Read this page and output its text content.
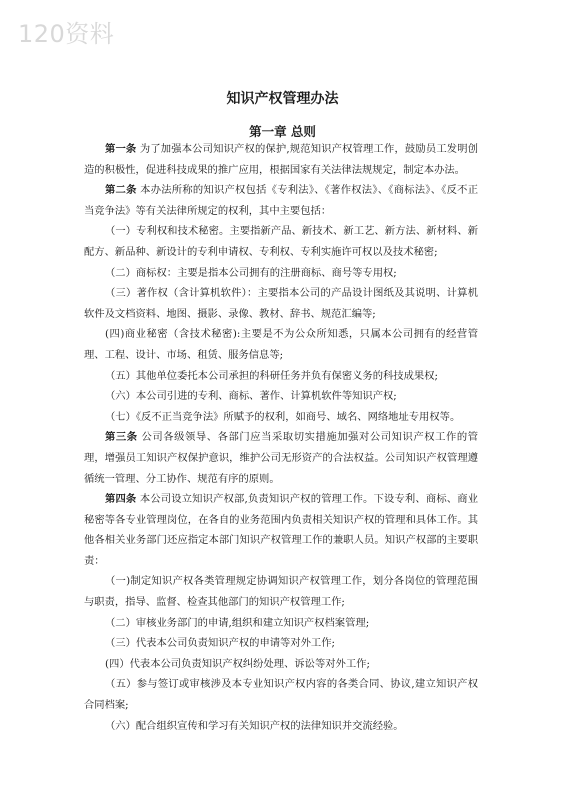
120资料
知识产权管理办法
第一章 总则

第一条 为了加强本公司知识产权的保护,规范知识产权管理工作，鼓励员工发明创造的积极性，促进科技成果的推广应用，根据国家有关法律法规规定，制定本办法。

第二条 本办法所称的知识产权包括《专利法》、《著作权法》、《商标法》、《反不正当竞争法》等有关法律所规定的权利，其中主要包括：

（一）专利权和技术秘密。主要指新产品、新技术、新工艺、新方法、新材料、新配方、新品种、新设计的专利申请权、专利权、专利实施许可权以及技术秘密;

（二）商标权：主要是指本公司拥有的注册商标、商号等专用权;

（三）著作权（含计算机软件）：主要指本公司的产品设计图纸及其说明、计算机软件及文档资料、地图、摄影、录像、教材、辞书、规范汇编等;

(四)商业秘密（含技术秘密):主要是不为公众所知悉，只属本公司拥有的经营管理、工程、设计、市场、租赁、服务信息等;

（五）其他单位委托本公司承担的科研任务并负有保密义务的科技成果权;

（六）本公司引进的专利、商标、著作、计算机软件等知识产权;

（七）《反不正当竞争法》所赋予的权利，如商号、域名、网络地址专用权等。

第三条 公司各级领导、各部门应当采取切实措施加强对公司知识产权工作的管理，增强员工知识产权保护意识，维护公司无形资产的合法权益。公司知识产权管理遵循统一管理、分工协作、规范有序的原则。

第四条 本公司设立知识产权部,负责知识产权的管理工作。下设专利、商标、商业秘密等各专业管理岗位，在各自的业务范围内负责相关知识产权的管理和具体工作。其他各相关业务部门还应指定本部门知识产权管理工作的兼职人员。知识产权部的主要职责：

（一)制定知识产权各类管理规定协调知识产权管理工作，划分各岗位的管理范围与职责，指导、监督、检查其他部门的知识产权管理工作;

（二）审核业务部门的申请,组织和建立知识产权档案管理;

（三）代表本公司负责知识产权的申请等对外工作;

(四）代表本公司负责知识产权纠纷处理、诉讼等对外工作;

（五）参与签订或审核涉及本专业知识产权内容的各类合同、协议,建立知识产权合同档案;

（六）配合组织宣传和学习有关知识产权的法律知识并交流经验。
